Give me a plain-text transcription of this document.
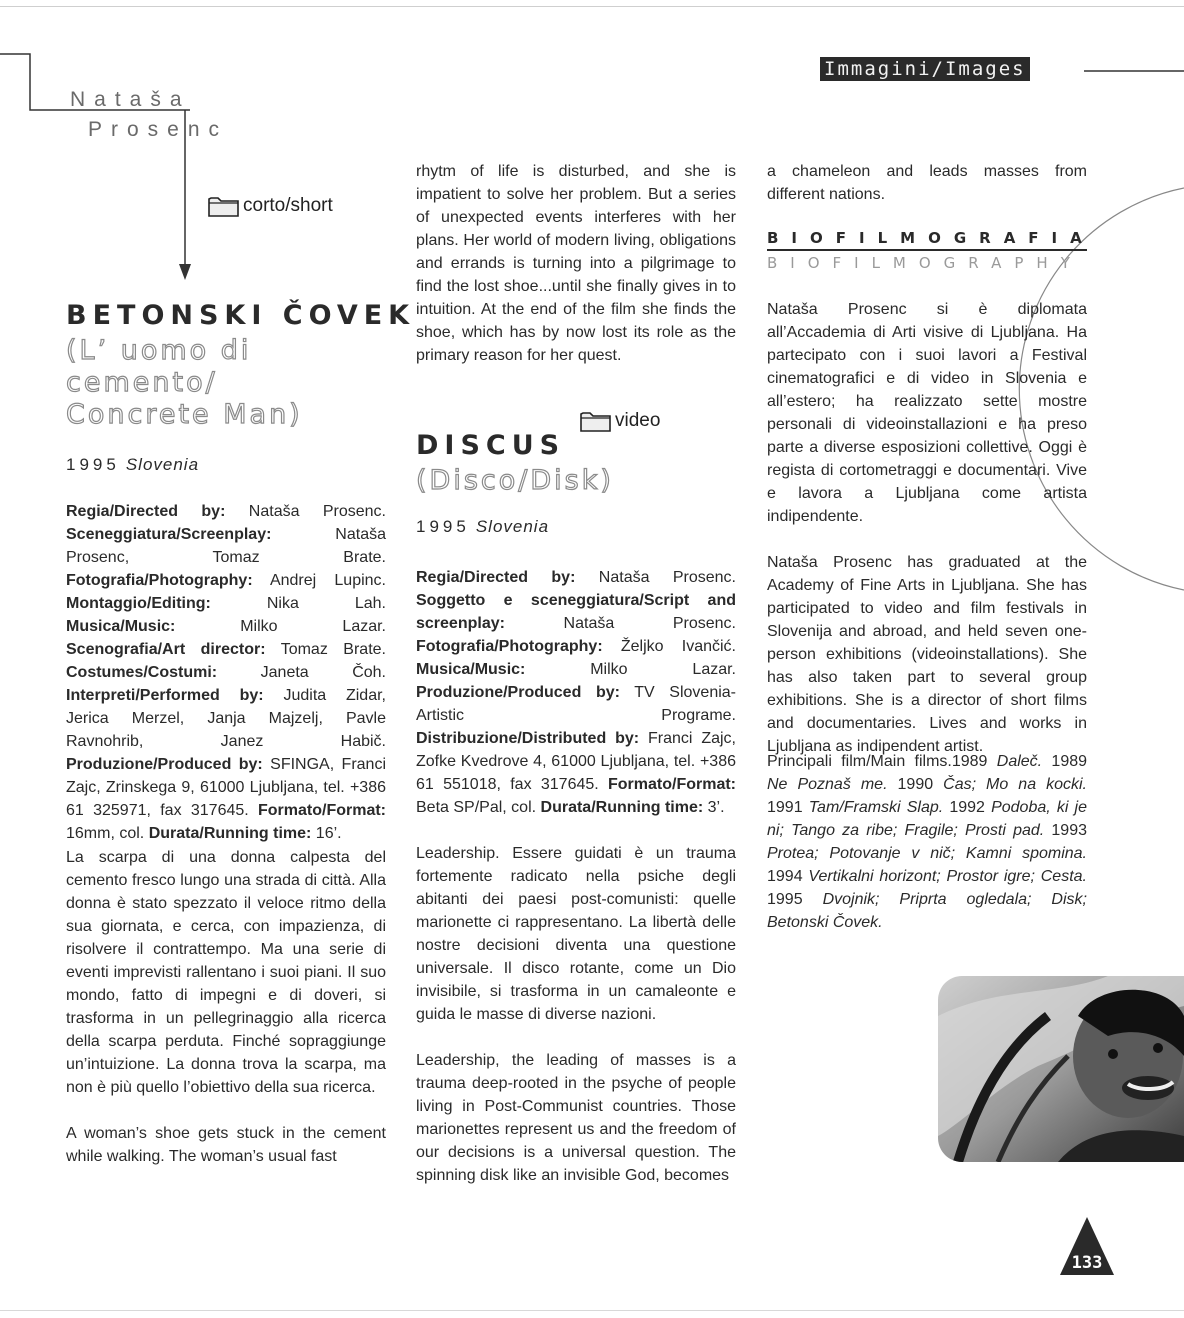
Immagini/Images
Nataša
Prosenc
corto/short
BETONSKI ČOVEK
(L’ uomo di
cemento/
Concrete Man)
1995 Slovenia

Regia/Directed by: Nataša Prosenc. Sceneggiatura/Screenplay: Nataša Prosenc, Tomaz Brate. Fotografia/Photography: Andrej Lupinc. Montaggio/Editing: Nika Lah. Musica/Music: Milko Lazar. Scenografia/Art director: Tomaz Brate. Costumes/Costumi: Janeta Čoh. Interpreti/Performed by: Judita Zidar, Jerica Merzel, Janja Majzelj, Pavle Ravnohrib, Janez Habič. Produzione/Produced by: SFINGA, Franci Zajc, Zrinskega 9, 61000 Ljubljana, tel. +386 61 325971, fax 317645. Formato/Format: 16mm, col. Durata/Running time: 16’.

La scarpa di una donna calpesta del cemento fresco lungo una strada di città. Alla donna è stato spezzato il veloce ritmo della sua giornata, e cerca, con impazienza, di risolvere il contrattempo. Ma una serie di eventi imprevisti rallentano i suoi piani. Il suo mondo, fatto di impegni e di doveri, si trasforma in un pellegrinaggio alla ricerca della scarpa perduta. Finché sopraggiunge un’intuizione. La donna trova la scarpa, ma non è più quello l’obiettivo della sua ricerca.

A woman’s shoe gets stuck in the cement while walking. The woman’s usual fast

rhytm of life is disturbed, and she is impatient to solve her problem. But a series of unexpected events interferes with her plans. Her world of modern living, obligations and errands is turning into a pilgrimage to find the lost shoe...until she finally gives in to intuition. At the end of the film she finds the shoe, which has by now lost its role as the primary reason for her quest.

video
DISCUS
(Disco/Disk)
1995 Slovenia

Regia/Directed by: Nataša Prosenc. Soggetto e sceneggiatura/Script and screenplay: Nataša Prosenc. Fotografia/Photography: Željko Ivančić. Musica/Music: Milko Lazar. Produzione/Produced by: TV Slovenia-Artistic Programe. Distribuzione/Distributed by: Franci Zajc, Zofke Kvedrove 4, 61000 Ljubljana, tel. +386 61 551018, fax 317645. Formato/Format: Beta SP/Pal, col. Durata/Running time: 3’.

Leadership. Essere guidati è un trauma fortemente radicato nella psiche degli abitanti dei paesi post-comunisti: quelle marionette ci rappresentano. La libertà delle nostre decisioni diventa una questione universale. Il disco rotante, come un Dio invisibile, si trasforma in un camaleonte e guida le masse di diverse nazioni.

Leadership, the leading of masses is a trauma deep-rooted in the psyche of people living in Post-Communist countries. Those marionettes represent us and the freedom of our decisions is a universal question. The spinning disk like an invisible God, becomes

a chameleon and leads masses from different nations.

BIOFILMOGRAFIA
BIOFILMOGRAPHY

Nataša Prosenc si è diplomata all’Accademia di Arti visive di Ljubljana. Ha partecipato con i suoi lavori a Festival cinematografici e di video in Slovenia e all’estero; ha realizzato sette mostre personali di videoinstallazioni e ha preso parte a diverse esposizioni collettive. Oggi è regista di cortometraggi e documentari. Vive e lavora a Ljubljana come artista indipendente.

Nataša Prosenc has graduated at the Academy of Fine Arts in Ljubljana. She has participated to video and film festivals in Slovenija and abroad, and held seven one-person exhibitions (videoinstallations). She has also taken part to several group exhibitions. She is a director of short films and documentaries. Lives and works in Ljubljana as indipendent artist.

Principali film/Main films.1989 Daleč. 1989 Ne Poznaš me. 1990 Čas; Mo na kocki. 1991 Tam/Framski Slap. 1992 Podoba, ki je ni; Tango za ribe; Fragile; Prosti pad. 1993 Protea; Potovanje v nič; Kamni spomina. 1994 Vertikalni horizont; Prostor igre; Cesta. 1995 Dvojnik; Priprta ogledala; Disk; Betonski Čovek.

133
